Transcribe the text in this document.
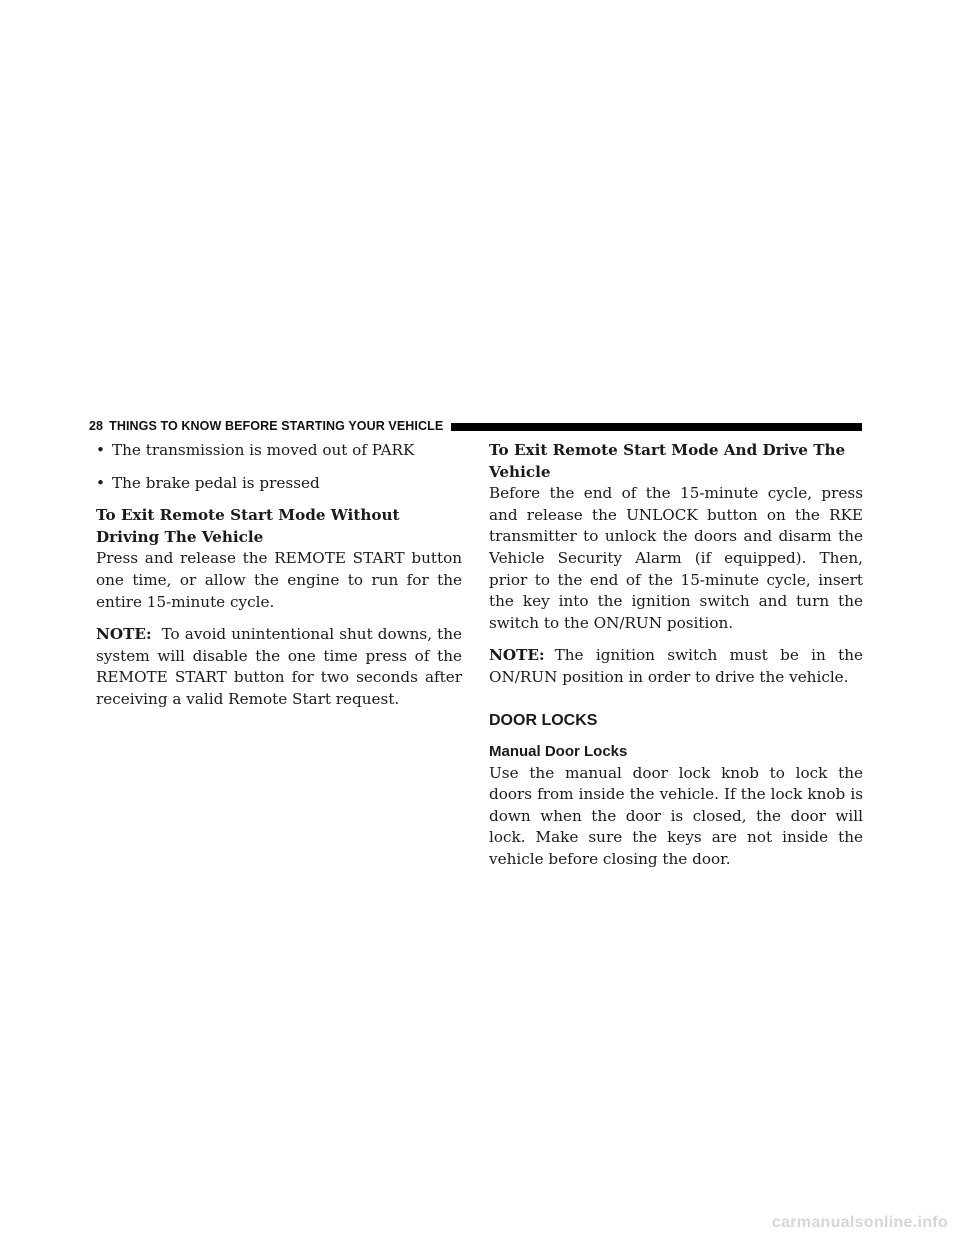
28 THINGS TO KNOW BEFORE STARTING YOUR VEHICLE
• The transmission is moved out of PARK
• The brake pedal is pressed

To Exit Remote Start Mode Without Driving The Vehicle

Press and release the REMOTE START button one time, or allow the engine to run for the entire 15-minute cycle.

NOTE: To avoid unintentional shut downs, the system will disable the one time press of the REMOTE START button for two seconds after receiving a valid Remote Start request.

To Exit Remote Start Mode And Drive The Vehicle

Before the end of the 15-minute cycle, press and release the UNLOCK button on the RKE transmitter to unlock the doors and disarm the Vehicle Security Alarm (if equipped). Then, prior to the end of the 15-minute cycle, insert the key into the ignition switch and turn the switch to the ON/RUN position.

NOTE: The ignition switch must be in the ON/RUN position in order to drive the vehicle.

DOOR LOCKS
Manual Door Locks

Use the manual door lock knob to lock the doors from inside the vehicle. If the lock knob is down when the door is closed, the door will lock. Make sure the keys are not inside the vehicle before closing the door.

carmanualsonline.info
